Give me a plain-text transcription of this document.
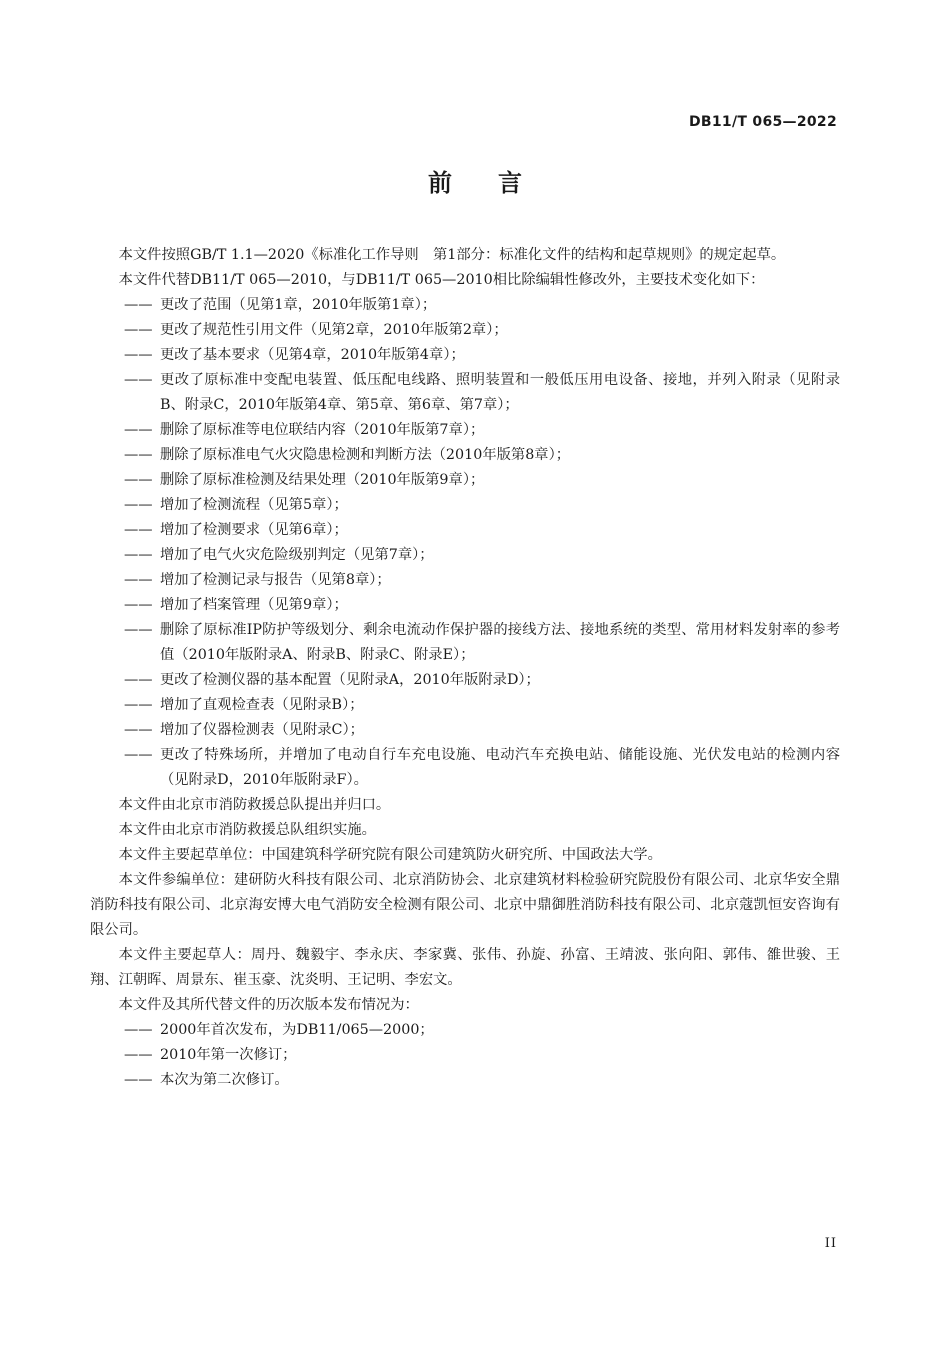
DB11/T 065—2022
前言

本文件按照GB/T 1.1—2020《标准化工作导则　第1部分：标准化文件的结构和起草规则》的规定起草。

本文件代替DB11/T 065—2010，与DB11/T 065—2010相比除编辑性修改外，主要技术变化如下：

—— 更改了范围（见第1章，2010年版第1章）；

—— 更改了规范性引用文件（见第2章，2010年版第2章）；

—— 更改了基本要求（见第4章，2010年版第4章）；

—— 更改了原标准中变配电装置、低压配电线路、照明装置和一般低压用电设备、接地，并列入附录（见附录B、附录C，2010年版第4章、第5章、第6章、第7章）；

—— 删除了原标准等电位联结内容（2010年版第7章）；

—— 删除了原标准电气火灾隐患检测和判断方法（2010年版第8章）；

—— 删除了原标准检测及结果处理（2010年版第9章）；

—— 增加了检测流程（见第5章）；

—— 增加了检测要求（见第6章）；

—— 增加了电气火灾危险级别判定（见第7章）；

—— 增加了检测记录与报告（见第8章）；

—— 增加了档案管理（见第9章）；

—— 删除了原标准IP防护等级划分、剩余电流动作保护器的接线方法、接地系统的类型、常用材料发射率的参考值（2010年版附录A、附录B、附录C、附录E）；

—— 更改了检测仪器的基本配置（见附录A，2010年版附录D）；

—— 增加了直观检查表（见附录B）；

—— 增加了仪器检测表（见附录C）；

—— 更改了特殊场所，并增加了电动自行车充电设施、电动汽车充换电站、储能设施、光伏发电站的检测内容（见附录D，2010年版附录F）。

本文件由北京市消防救援总队提出并归口。

本文件由北京市消防救援总队组织实施。

本文件主要起草单位：中国建筑科学研究院有限公司建筑防火研究所、中国政法大学。

本文件参编单位：建研防火科技有限公司、北京消防协会、北京建筑材料检验研究院股份有限公司、北京华安全鼎消防科技有限公司、北京海安博大电气消防安全检测有限公司、北京中鼎御胜消防科技有限公司、北京蔻凯恒安咨询有限公司。

本文件主要起草人：周丹、魏毅宇、李永庆、李家冀、张伟、孙旋、孙富、王靖波、张向阳、郭伟、雒世骏、王翔、江朝晖、周景东、崔玉豪、沈炎明、王记明、李宏文。

本文件及其所代替文件的历次版本发布情况为：

—— 2000年首次发布，为DB11/065—2000；

—— 2010年第一次修订；

—— 本次为第二次修订。

II
